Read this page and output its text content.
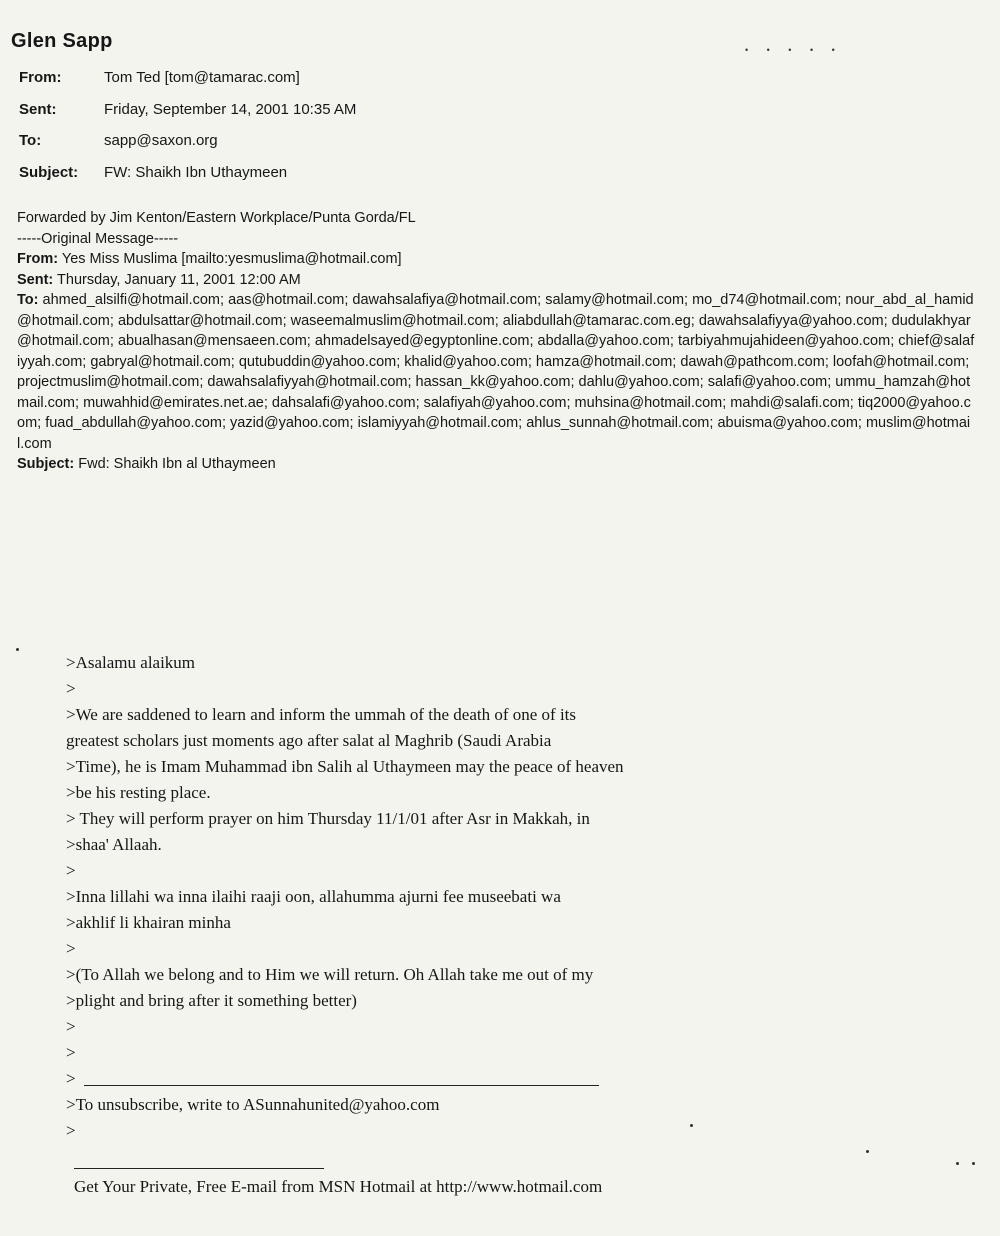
• • • • •
Glen Sapp
From:	Tom Ted [tom@tamarac.com]
Sent:	Friday, September 14, 2001 10:35 AM
To:	sapp@saxon.org
Subject:	FW: Shaikh Ibn Uthaymeen
Forwarded by Jim Kenton/Eastern Workplace/Punta Gorda/FL
-----Original Message-----
From: Yes Miss Muslima [mailto:yesmuslima@hotmail.com]
Sent: Thursday, January 11, 2001 12:00 AM
To: ahmed_alsilfi@hotmail.com; aas@hotmail.com; dawahsalafiya@hotmail.com; salamy@hotmail.com; mo_d74@hotmail.com; nour_abd_al_hamid@hotmail.com; abdulsattar@hotmail.com; waseemalmuslim@hotmail.com; aliabdullah@tamarac.com.eg; dawahsalafiyya@yahoo.com; dudulakhyar@hotmail.com; abualhasan@mensaeen.com; ahmadelsayed@egyptonline.com; abdalla@yahoo.com; tarbiyahmujahideen@yahoo.com; chief@salafiyyah.com; gabryal@hotmail.com; qutubuddin@yahoo.com; khalid@yahoo.com; hamza@hotmail.com; dawah@pathcom.com; loofah@hotmail.com; projectmuslim@hotmail.com; dawahsalafiyyah@hotmail.com; hassan_kk@yahoo.com; dahlu@yahoo.com; salafi@yahoo.com; ummu_hamzah@hotmail.com; muwahhid@emirates.net.ae; dahsalafi@yahoo.com; salafiyah@yahoo.com; muhsina@hotmail.com; mahdi@salafi.com; tiq2000@yahoo.com; fuad_abdullah@yahoo.com; yazid@yahoo.com; islamiyyah@hotmail.com; ahlus_sunnah@hotmail.com; abuisma@yahoo.com; muslim@hotmail.com
Subject: Fwd: Shaikh Ibn al Uthaymeen
>Asalamu alaikum
>
>We are saddened to learn and inform the ummah of the death of one of its
greatest scholars just moments ago after salat al Maghrib (Saudi Arabia
>Time), he is Imam Muhammad ibn Salih al Uthaymeen may the peace of heaven
>be his resting place.
> They will perform prayer on him Thursday 11/1/01 after Asr in Makkah, in
>shaa' Allaah.
>
>Inna lillahi wa inna ilaihi raaji oon, allahumma ajurni fee museebati wa
>akhlif li khairan minha
>
>(To Allah we belong and to Him we will return. Oh Allah take me out of my
>plight and bring after it something better)
>
>
>
>To unsubscribe, write to ASunnahunited@yahoo.com
>
Get Your Private, Free E-mail from MSN Hotmail at http://www.hotmail.com
